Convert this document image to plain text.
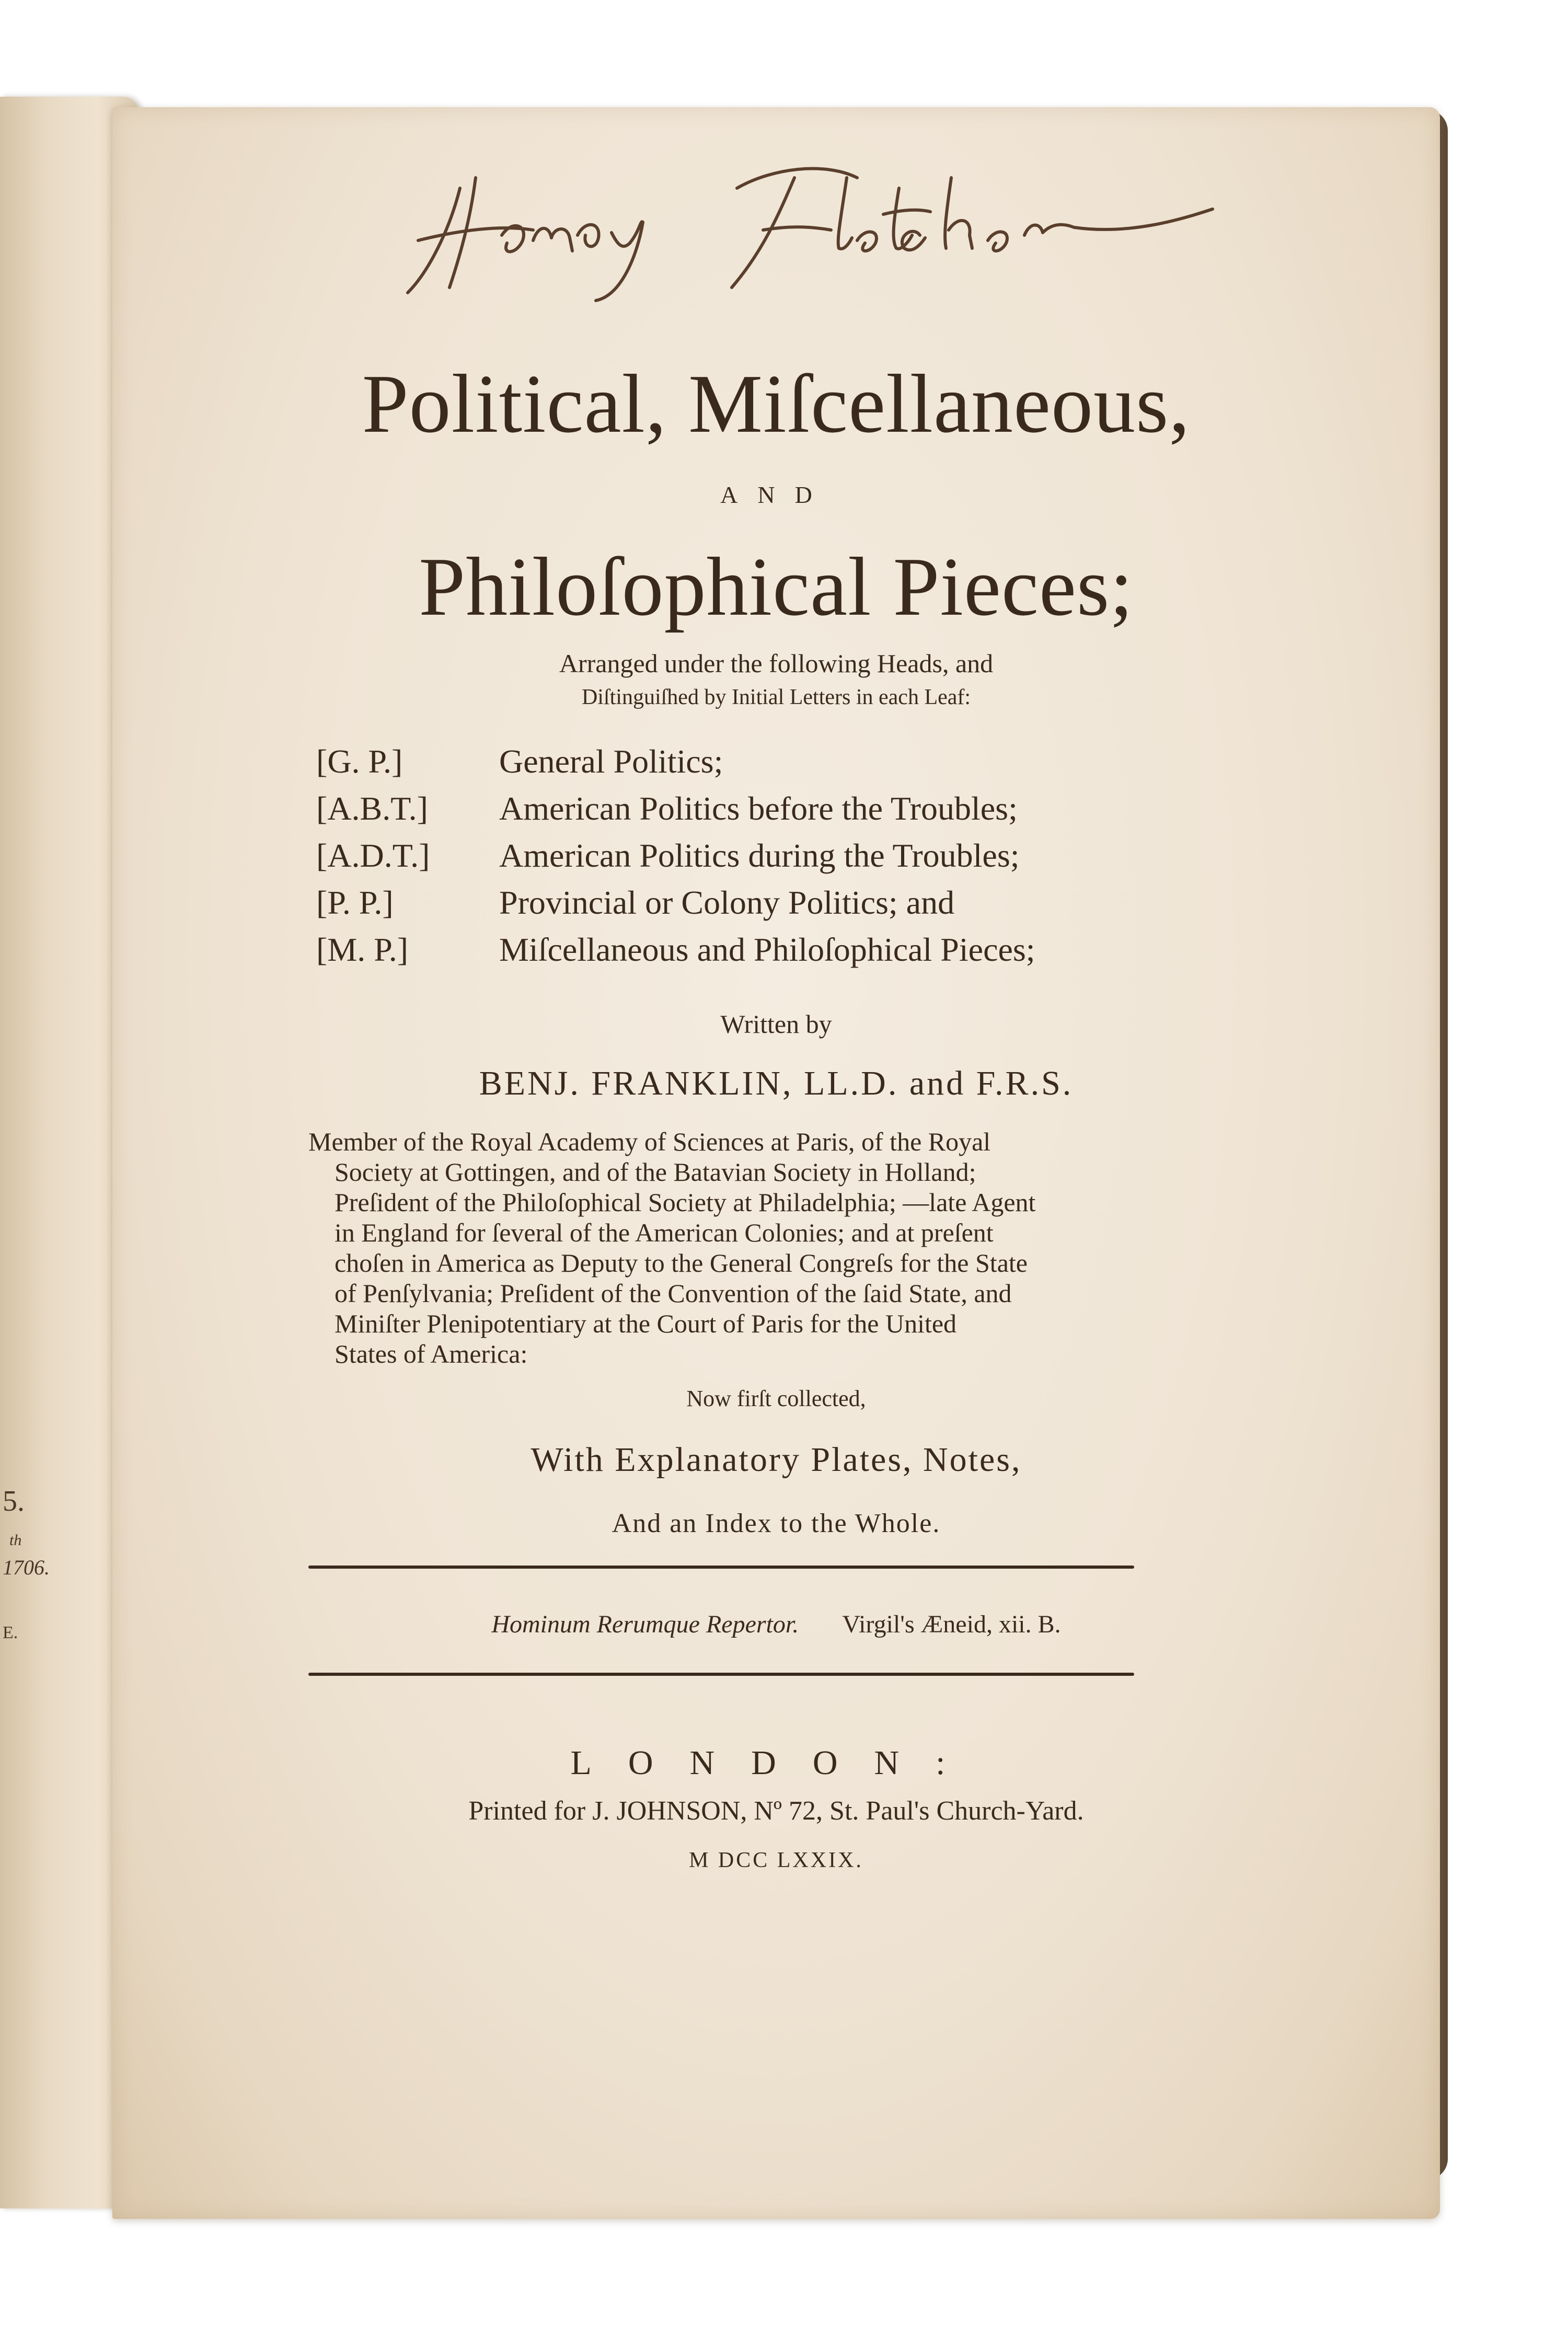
5.
th
1706.
E.
Political, Miſcellaneous,
AND
Philoſophical Pieces;
Arranged under the following Heads, and
Diſtinguiſhed by Initial Letters in each Leaf:
[G. P.]	General Politics;
[A.B.T.] American Politics before the Troubles;
[A.D.T.] American Politics during the Troubles;
[P. P.]	Provincial or Colony Politics; and
[M. P.]	Miſcellaneous and Philoſophical Pieces;
Written by
BENJ. FRANKLIN, LL.D. and F.R.S.
Member of the Royal Academy of Sciences at Paris, of the Royal
Society at Gottingen, and of the Batavian Society in Holland;
Preſident of the Philoſophical Society at Philadelphia; —late Agent
in England for ſeveral of the American Colonies; and at preſent
choſen in America as Deputy to the General Congreſs for the State
of Penſylvania; Preſident of the Convention of the ſaid State, and
Miniſter Plenipotentiary at the Court of Paris for the United
States of America:
Now firſt collected,
With Explanatory Plates, Notes,
And an Index to the Whole.
Hominum Rerumque Repertor. Virgil's Æneid, xii. B.
LONDON:
Printed for J. JOHNSON, Nº 72, St. Paul's Church-Yard.
M DCC LXXIX.
